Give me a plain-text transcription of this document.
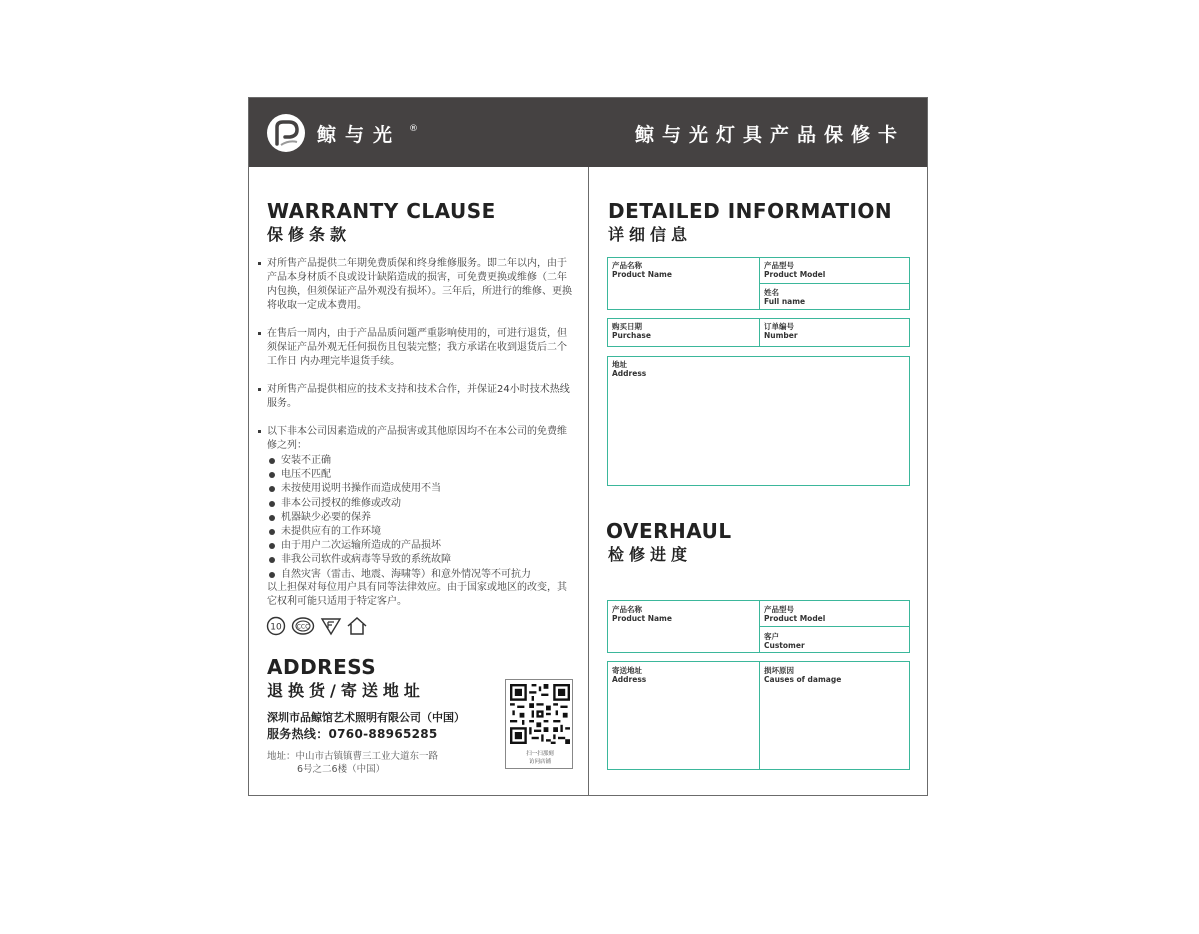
鲸与光 ®	鲸与光灯具产品保修卡
WARRANTY CLAUSE
保修条款
对所售产品提供二年期免费质保和终身维修服务。即二年以内，由于产品本身材质不良或设计缺陷造成的损害，可免费更换或维修（二年内包换，但须保证产品外观没有损坏）。三年后，所进行的维修、更换将收取一定成本费用。
在售后一周内，由于产品品质问题严重影响使用的，可进行退货，但须保证产品外观无任何损伤且包装完整；我方承诺在收到退货后二个工作日 内办理完毕退货手续。
对所售产品提供相应的技术支持和技术合作，并保证24小时技术热线服务。
以下非本公司因素造成的产品损害或其他原因均不在本公司的免费维修之列：
安装不正确
电压不匹配
未按使用说明书操作而造成使用不当
非本公司授权的维修或改动
机器缺少必要的保养
未提供应有的工作环境
由于用户二次运输所造成的产品损坏
非我公司软件或病毒等导致的系统故障
自然灾害（雷击、地震、海啸等）和意外情况等不可抗力
以上担保对每位用户具有同等法律效应。由于国家或地区的改变，其它权利可能只适用于特定客户。
10 CCC
ADDRESS
退换货/寄送地址
深圳市品鲸馆艺术照明有限公司（中国）
服务热线：0760-88965285
地址：中山市古镇镇曹三工业大道东一路
6号之二6楼（中国）
扫一扫那刻
访问店铺
DETAILED INFORMATION
详细信息
产品名称
Product Name
产品型号
Product Model
姓名
Full name
购买日期
Purchase
订单编号
Number
地址
Address
OVERHAUL
检修进度
产品名称
Product Name
产品型号
Product Model
客户
Customer
寄送地址
Address
损坏原因
Causes of damage
